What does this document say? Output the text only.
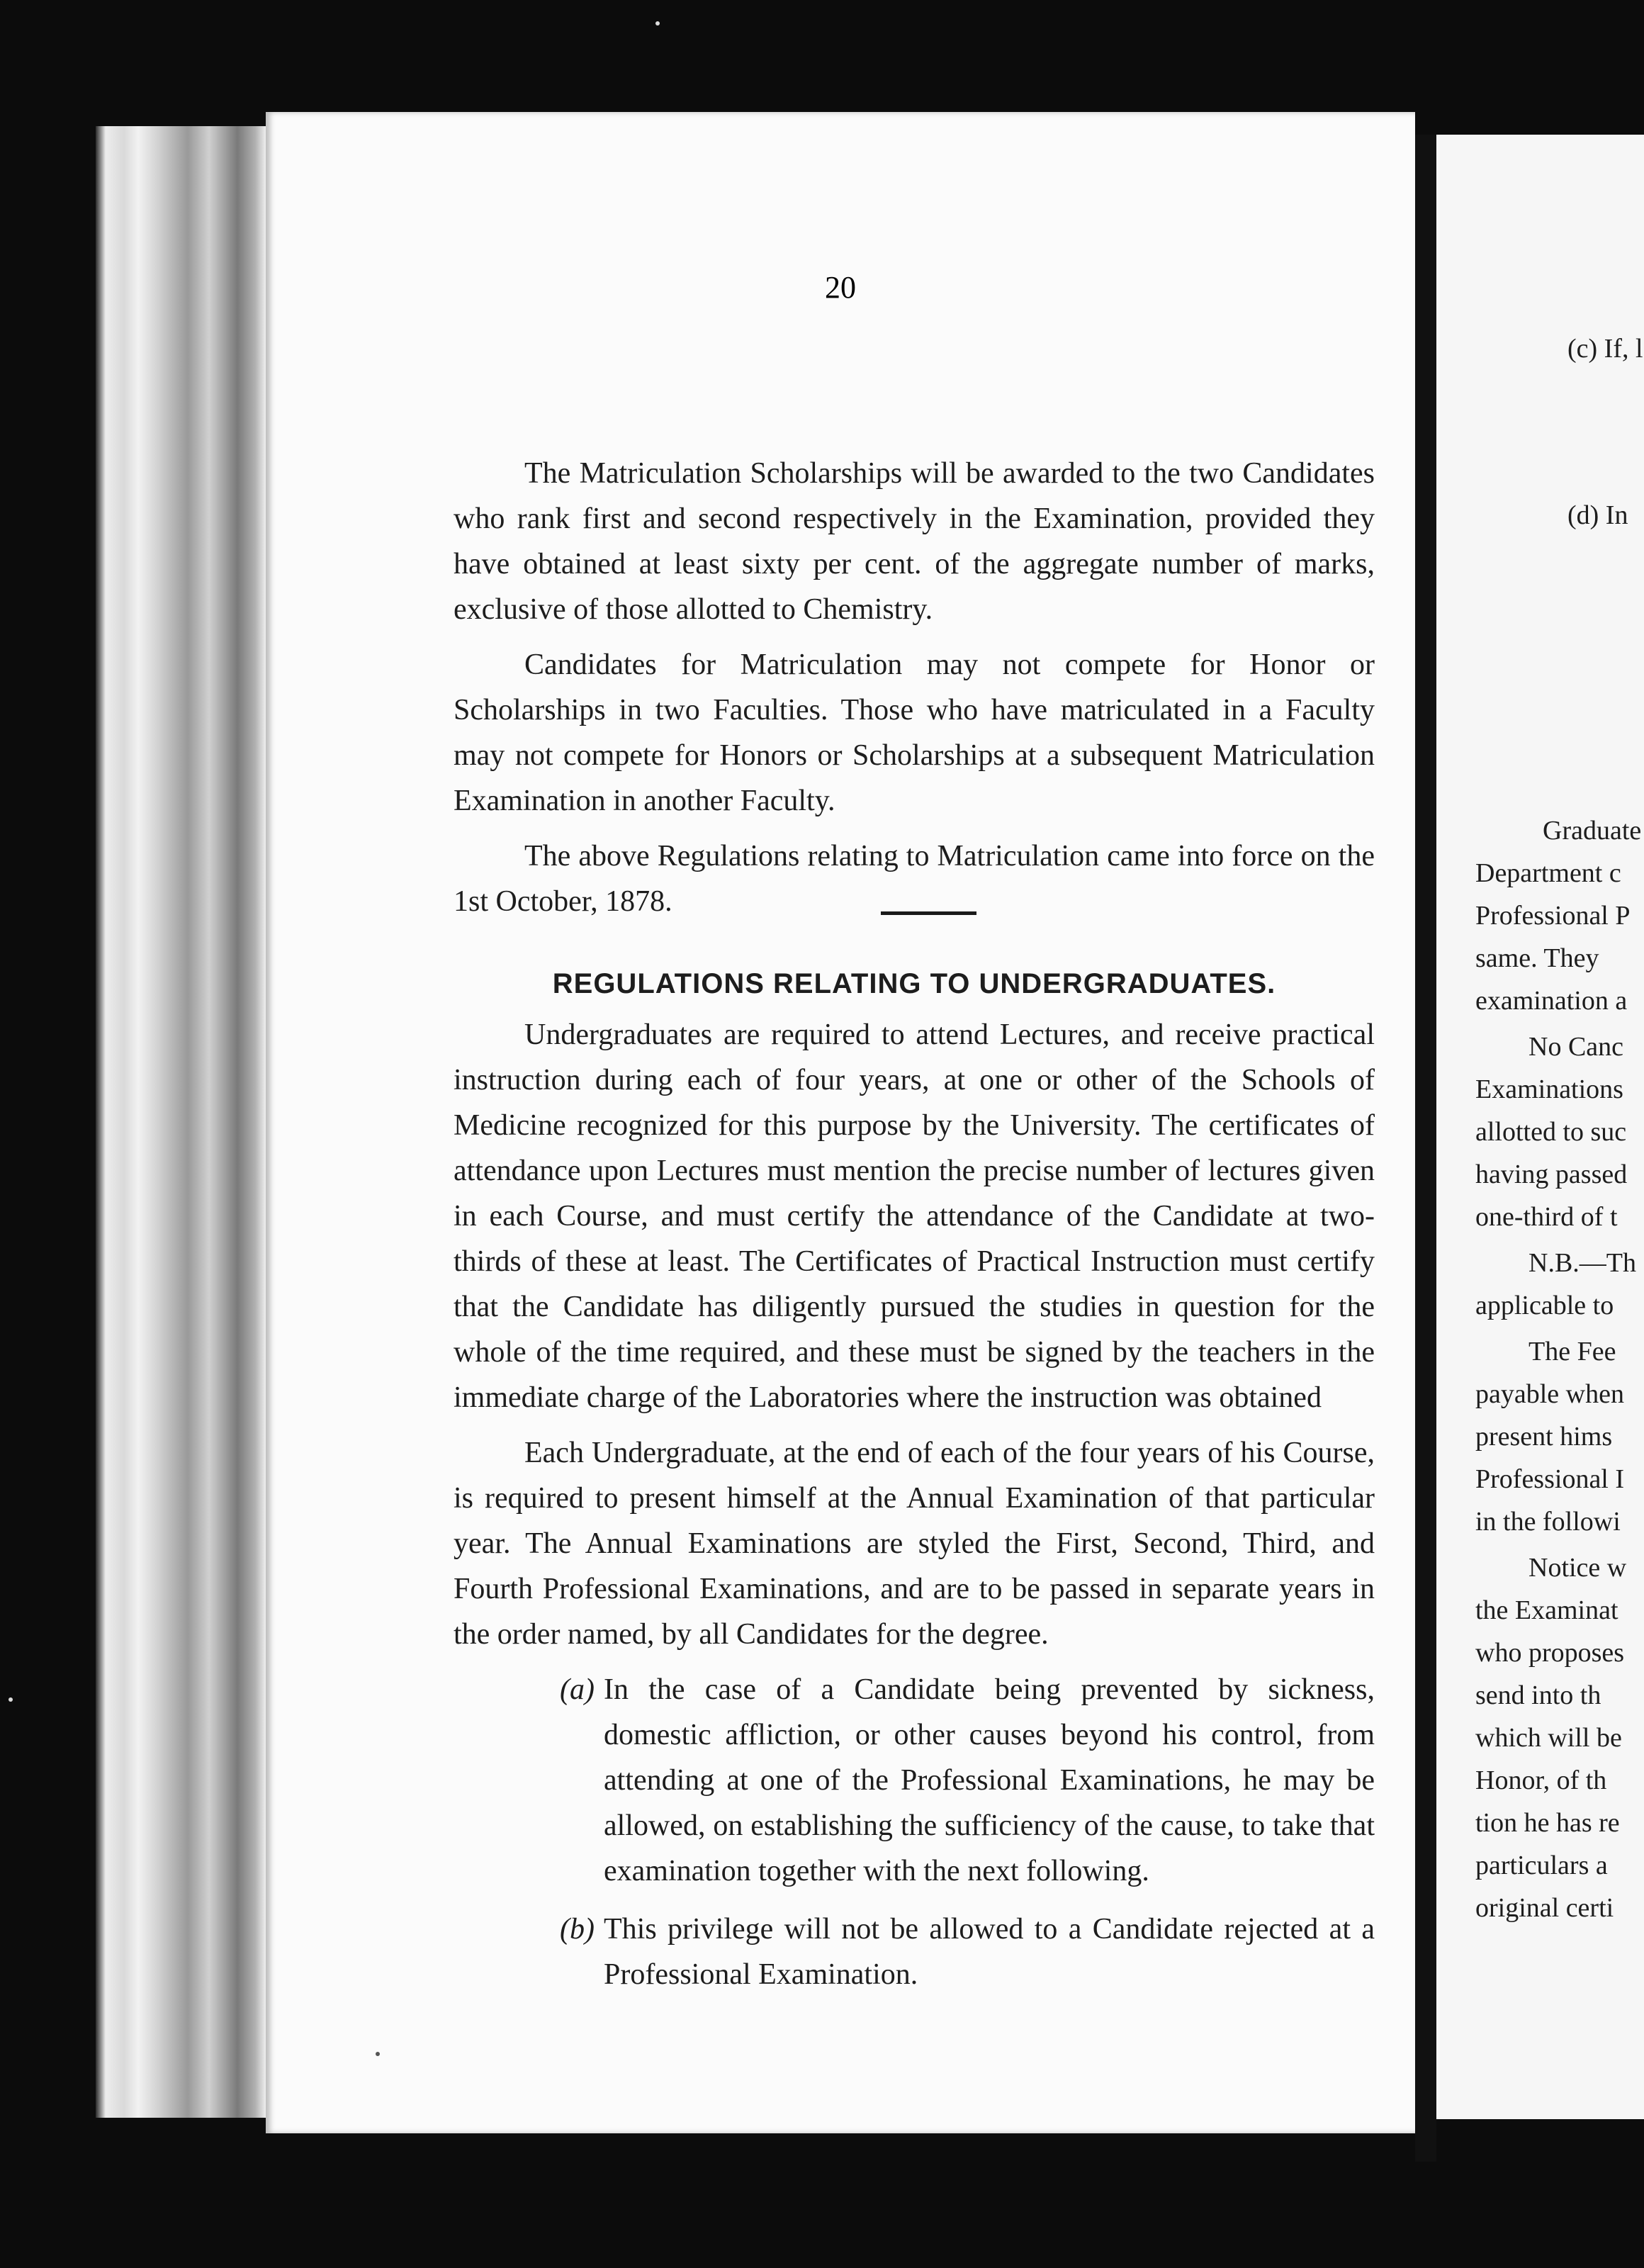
20

The Matriculation Scholarships will be awarded to the two Candidates who rank first and second respectively in the Examination, provided they have obtained at least sixty per cent. of the aggregate number of marks, exclusive of those allotted to Chemistry.

Candidates for Matriculation may not compete for Honor or Scholarships in two Faculties. Those who have matriculated in a Faculty may not compete for Honors or Scholarships at a subsequent Matriculation Examination in another Faculty.

The above Regulations relating to Matriculation came into force on the 1st October, 1878.

REGULATIONS RELATING TO UNDERGRADUATES.

Undergraduates are required to attend Lectures, and receive practical instruction during each of four years, at one or other of the Schools of Medicine recognized for this purpose by the University. The certificates of attendance upon Lectures must mention the precise number of lectures given in each Course, and must certify the attendance of the Candidate at two-thirds of these at least. The Certificates of Practical Instruction must certify that the Candidate has diligently pursued the studies in question for the whole of the time required, and these must be signed by the teachers in the immediate charge of the Laboratories where the instruction was obtained

Each Undergraduate, at the end of each of the four years of his Course, is required to present himself at the Annual Examination of that particular year. The Annual Examinations are styled the First, Second, Third, and Fourth Professional Examinations, and are to be passed in separate years in the order named, by all Candidates for the degree.

(a) In the case of a Candidate being prevented by sickness, domestic affliction, or other causes beyond his control, from attending at one of the Professional Examinations, he may be allowed, on establishing the sufficiency of the cause, to take that examination together with the next following.

(b) This privilege will not be allowed to a Candidate rejected at a Professional Examination.

(c) If, l
(d) In
Graduate
Department c
Professional P
same. They
examination a
No Canc
Examinations
allotted to suc
having passed
one-third of t
N.B.—Th
applicable to
The Fee
payable when
present hims
Professional I
in the followi
Notice w
the Examinat
who proposes
send into th
which will be
Honor, of th
tion he has re
particulars a
original certi
